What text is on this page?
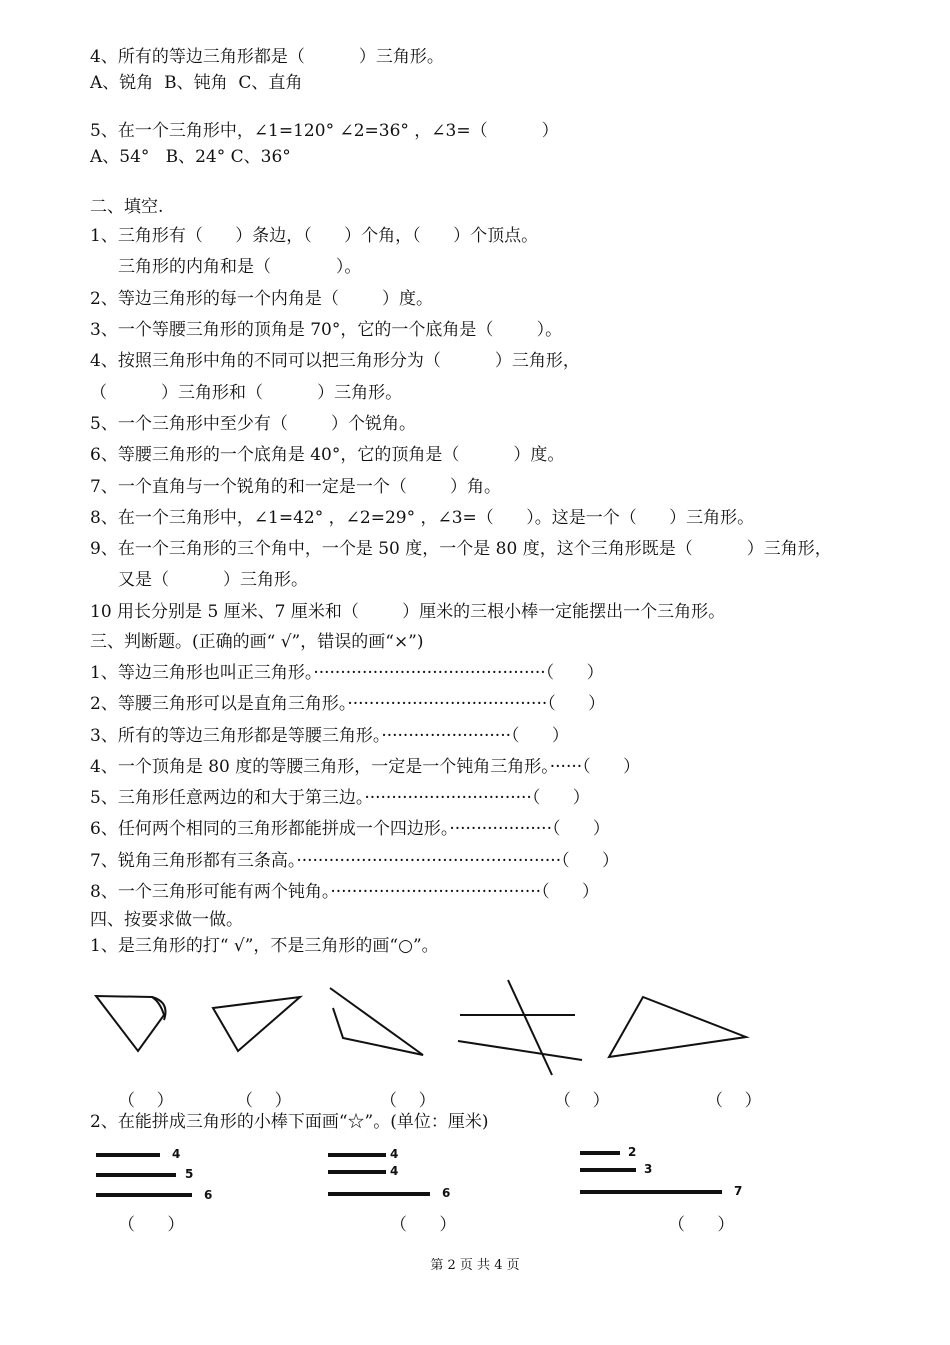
4、所有的等边三角形都是（          ）三角形。
A、锐角  B、钝角  C、直角
5、在一个三角形中，∠1=120° ∠2=36° ，∠3=（          ）
A、54°   B、24° C、36°
二、填空.
1、三角形有（      ）条边，（      ）个角，（      ）个顶点。
三角形的内角和是（            ）。
2、等边三角形的每一个内角是（        ）度。
3、一个等腰三角形的顶角是 70°，它的一个底角是（        ）。
4、按照三角形中角的不同可以把三角形分为（          ）三角形，
（          ）三角形和（          ）三角形。
5、一个三角形中至少有（        ）个锐角。
6、等腰三角形的一个底角是 40°，它的顶角是（          ）度。
7、一个直角与一个锐角的和一定是一个（        ）角。
8、在一个三角形中，∠1=42° ，∠2=29° ，∠3=（      ）。这是一个（      ）三角形。
9、在一个三角形的三个角中，一个是 50 度，一个是 80 度，这个三角形既是（          ）三角形，
又是（          ）三角形。
10 用长分别是 5 厘米、7 厘米和（        ）厘米的三根小棒一定能摆出一个三角形。
三、判断题。(正确的画“ √”，错误的画“×”)
1、等边三角形也叫正三角形。···········································（      ）
2、等腰三角形可以是直角三角形。·····································（      ）
3、所有的等边三角形都是等腰三角形。························（      ）
4、一个顶角是 80 度的等腰三角形，一定是一个钝角三角形。······（      ）
5、三角形任意两边的和大于第三边。·······························（      ）
6、任何两个相同的三角形都能拼成一个四边形。···················（      ）
7、锐角三角形都有三条高。·················································（      ）
8、一个三角形可能有两个钝角。·······································（      ）
四、按要求做一做。
1、是三角形的打“ √”，不是三角形的画“○”。
（    ）	（    ）	（    ）	（    ）	（    ）
2、在能拼成三角形的小棒下面画“☆”。(单位：厘米)
4
5
6
（      ）
4
4
6
（      ）
2
3
7
（      ）
第 2 页 共 4 页
